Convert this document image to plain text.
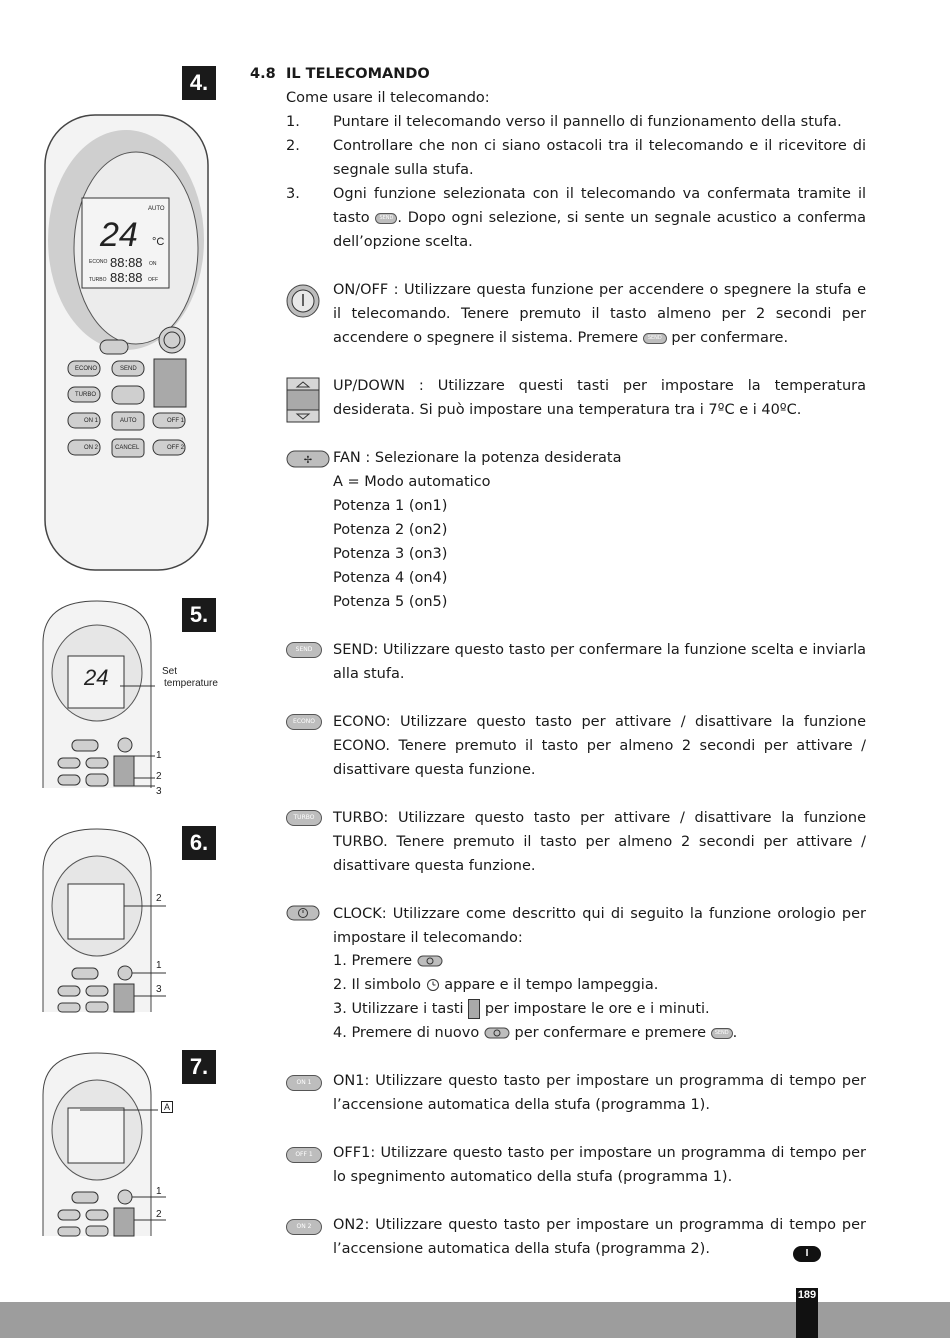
4.
5.
6.
7.
AUTO
24 °C
ECONO 88:88 ON
TURBO 88:88 OFF
ECONO	SEND
TURBO
ON 1	AUTO	OFF 1
ON 2	CANCEL	OFF 2
24	Set
temperature
1
2
3
2
1
3
A
1
2
4.8 IL TELECOMANDO
Come usare il telecomando:
1. Puntare il telecomando verso il pannello di funzionamento della stufa.
2. Controllare che non ci siano ostacoli tra il telecomando e il ricevitore di segnale sulla stufa.
3. Ogni funzione selezionata con il telecomando va confermata tramite il tasto SEND . Dopo ogni selezione, si sente un segnale acustico a conferma dell’opzione scelta.
ON/OFF : Utilizzare questa funzione per accendere o spegnere la stufa e il telecomando. Tenere premuto il tasto almeno per 2 secondi per accendere o spegnere il sistema. Premere SEND per confermare.
UP/DOWN : Utilizzare questi tasti per impostare la temperatura desiderata. Si può impostare una temperatura tra i 7ºC e i 40ºC.
✢ FAN : Selezionare la potenza desiderata
A = Modo automatico
Potenza 1 (on1)
Potenza 2 (on2)
Potenza 3 (on3)
Potenza 4 (on4)
Potenza 5 (on5)
SEND	SEND: Utilizzare questo tasto per confermare la funzione scelta e inviarla alla stufa.
ECONO	ECONO: Utilizzare questo tasto per attivare / disattivare la funzione ECONO. Tenere premuto il tasto per almeno 2 secondi per attivare / disattivare questa funzione.
TURBO	TURBO: Utilizzare questo tasto per attivare / disattivare la funzione TURBO. Tenere premuto il tasto per almeno 2 secondi per attivare / disattivare questa funzione.
CLOCK: Utilizzare come descritto qui di seguito la funzione orologio per impostare il telecomando:
1. Premere
2. Il simbolo appare e il tempo lampeggia.
3. Utilizzare i tasti per impostare le ore e i minuti.
4. Premere di nuovo per confermare e premere SEND .
ON 1	ON1: Utilizzare questo tasto per impostare un programma di tempo per l’accensione automatica della stufa (programma 1).
OFF 1	OFF1: Utilizzare questo tasto per impostare un programma di tempo per lo spegnimento automatico della stufa (programma 1).
ON 2	ON2: Utilizzare questo tasto per impostare un programma di tempo per l’accensione automatica della stufa (programma 2).	I
189
